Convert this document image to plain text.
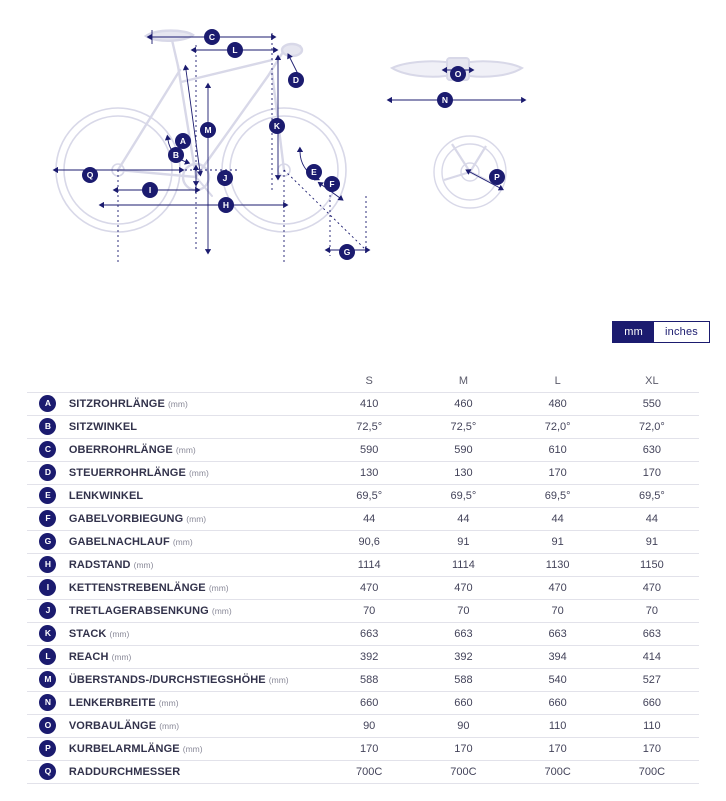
C
L
D
A
B
K
M
J
Q
I
H
E
F
G
O
N
P
mm	inches
		S	M	L	XL
A	SITZROHRLÄNGE (mm)	410	460	480	550
B	SITZWINKEL	72,5°	72,5°	72,0°	72,0°
C	OBERROHRLÄNGE (mm)	590	590	610	630
D	STEUERROHRLÄNGE (mm)	130	130	170	170
E	LENKWINKEL	69,5°	69,5°	69,5°	69,5°
F	GABELVORBIEGUNG (mm)	44	44	44	44
G	GABELNACHLAUF (mm)	90,6	91	91	91
H	RADSTAND (mm)	1114	1114	1130	1150
I	KETTENSTREBENLÄNGE (mm)	470	470	470	470
J	TRETLAGERABSENKUNG (mm)	70	70	70	70
K	STACK (mm)	663	663	663	663
L	REACH (mm)	392	392	394	414
M	ÜBERSTANDS-/DURCHSTIEGSHÖHE (mm)	588	588	540	527
N	LENKERBREITE (mm)	660	660	660	660
O	VORBAULÄNGE (mm)	90	90	110	110
P	KURBELARMLÄNGE (mm)	170	170	170	170
Q	RADDURCHMESSER	700C	700C	700C	700C
